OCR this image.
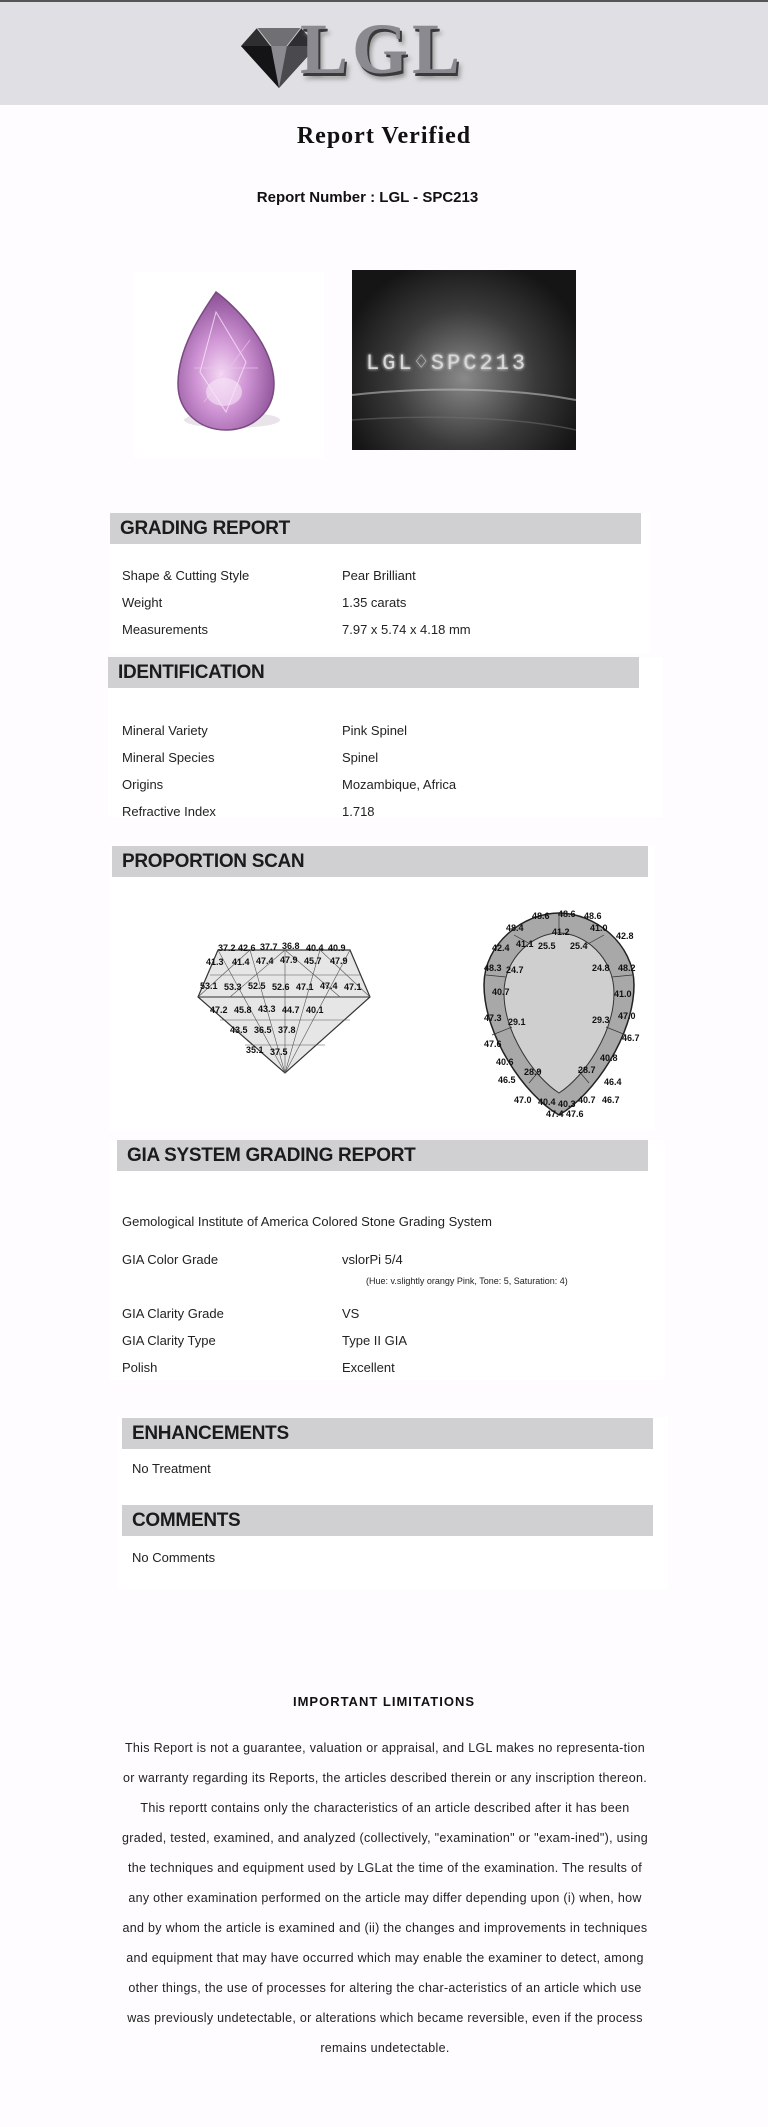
LGL
Report Verified
Report Number : LGL - SPC213
LGL♢SPC213
GRADING REPORT
Shape & Cutting Style	Pear Brilliant
Weight	1.35 carats
Measurements	7.97 x 5.74 x 4.18 mm
IDENTIFICATION
Mineral Variety	Pink Spinel
Mineral Species	Spinel
Origins	Mozambique, Africa
Refractive Index	1.718
PROPORTION SCAN
37.2 42.6 37.7 36.8 40.4 40.9
41.3 41.4 47.4 47.9 45.7 47.9
53.1 53.3 52.5 52.6 47.1 47.4 47.1
47.2 45.8 43.3 44.7 40.1
43.5 36.5 37.8
35.1 37.5
48.6 48.6 48.6
48.4	41.2 41.0
42.8
42.4 41.1 25.5 25.4
48.3 24.7	24.8 48.2
40.7	41.0
47.3 29.1	29.3 47.0
46.7
47.6
40.6	40.8
46.5
28.9	28.7
46.4
47.0 40.4 40.3 40.7 46.7
47.4 47.6
GIA SYSTEM GRADING REPORT
Gemological Institute of America Colored Stone Grading System
GIA Color Grade	vslorPi 5/4
(Hue: v.slightly orangy Pink, Tone: 5, Saturation: 4)
GIA Clarity Grade	VS
GIA Clarity Type	Type II GIA
Polish	Excellent
ENHANCEMENTS
No Treatment
COMMENTS
No Comments
IMPORTANT LIMITATIONS
This Report is not a guarantee, valuation or appraisal, and LGL makes no representa-tion or warranty regarding its Reports, the articles described therein or any inscription thereon. This reportt contains only the characteristics of an article described after it has been graded, tested, examined, and analyzed (collectively, "examination" or "exam-ined"), using the techniques and equipment used by LGLat the time of the examination. The results of any other examination performed on the article may differ depending upon (i) when, how and by whom the article is examined and (ii) the changes and improvements in techniques and equipment that may have occurred which may enable the examiner to detect, among other things, the use of processes for altering the char-acteristics of an article which use was previously undetectable, or alterations which became reversible, even if the process remains undetectable.
